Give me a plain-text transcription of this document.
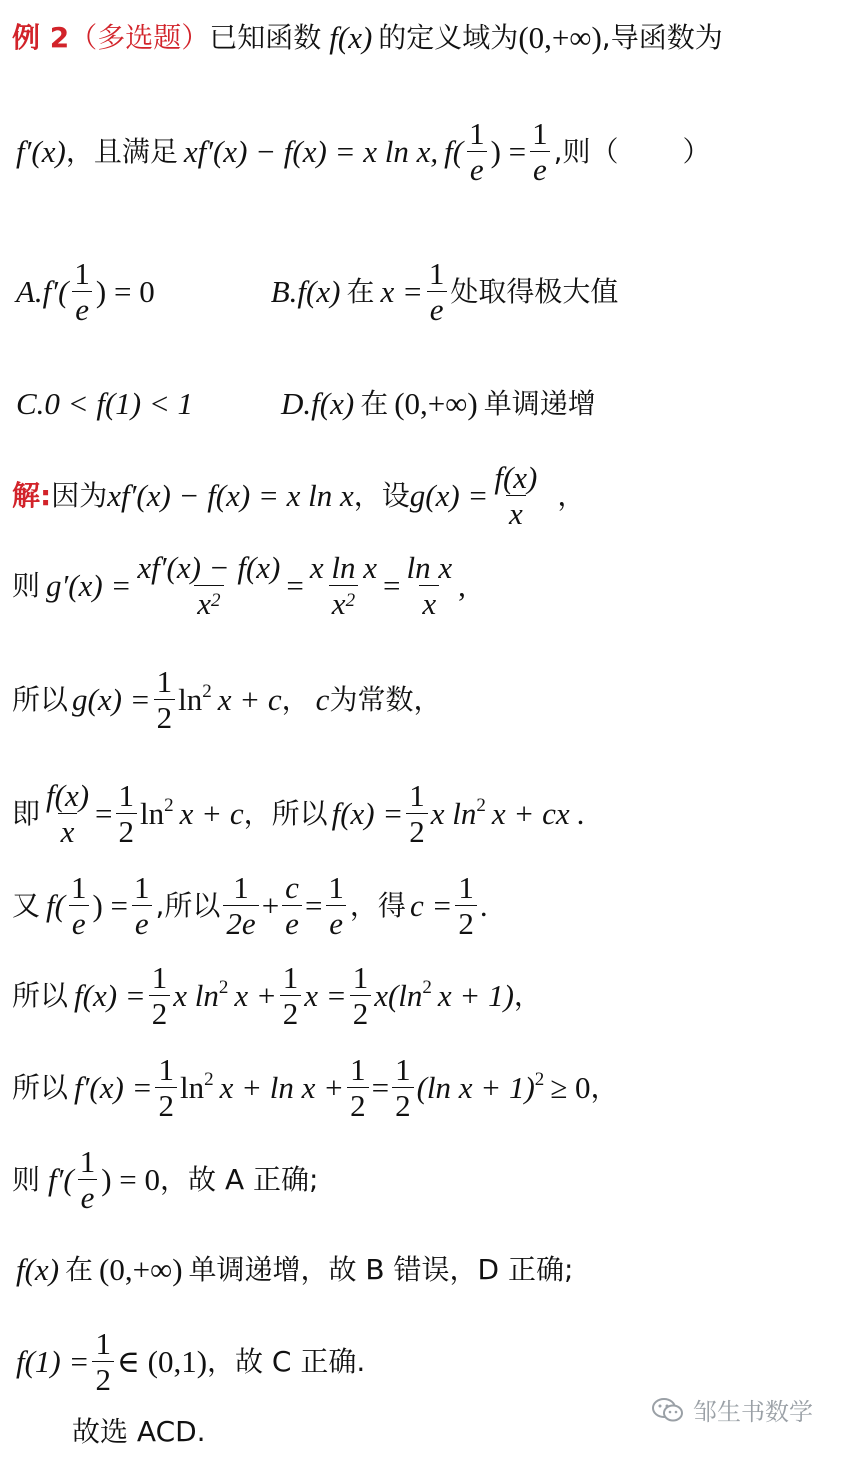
例 2 （多选题） 已知函数 f(x) 的定义域为 (0,+∞) ,导函数为
f′(x) ，且满足 xf′(x) − f(x) = x ln x, $f( \frac{1}{e}$ ) = $\frac{1}{e}$ ,则（ ）
$A.f'( \frac{1}{e}$ ) = 0	B.f(x) 在 $x = \frac{1}{e}$ 处取得极大值
C.0 < f(1) < 1	D.f(x) 在 (0,+∞) 单调递增
解: 因为 xf′(x) − f(x) = x ln x ，设 $g(x) = \frac{f(x)}{x}$ ，
则 $g'(x) = \frac{xf'(x) - f(x)}{x^2} = \frac{\text{x ln x}}{x^2} = \frac{\text{ln x}}{x}$ ,
所以 $g(x) = \frac{1}{2} \ln^2 x + c$ ， c 为常数，
即 $\frac{f(x)}{x} = \frac{1}{2} \ln^2 x + c$ ，所以 $f(x) = \frac{1}{2}$ x $\ln^2 x$ + cx .
又 $f( \frac{1}{e}$ ) = $\frac{1}{e}$ ,所以 $\frac{1}{2e} + \frac{c}{e} = \frac{1}{e}$ ，得 $c = \frac{1}{2}$ .
所以 $f(x) = \frac{1}{2}$ x $\ln^2 x + \frac{1}{2}$ $x = \frac{1}{2} x(\ln^2$ x + 1) ，
所以 $f'(x) = \frac{1}{2} \ln^2 x + \ln x + \frac{1}{2} = \frac{1}{2} (\ln$ x + 1)$^2$ ≥ 0 ，
则 $f'( \frac{1}{e}$ ) = 0 ，故 A 正确;
f(x) 在 (0,+∞) 单调递增，故 B 错误，D 正确;
$f(1) = \frac{1}{2}$ ∈ (0,1) ，故 C 正确.
故选 ACD.
邹生书数学
